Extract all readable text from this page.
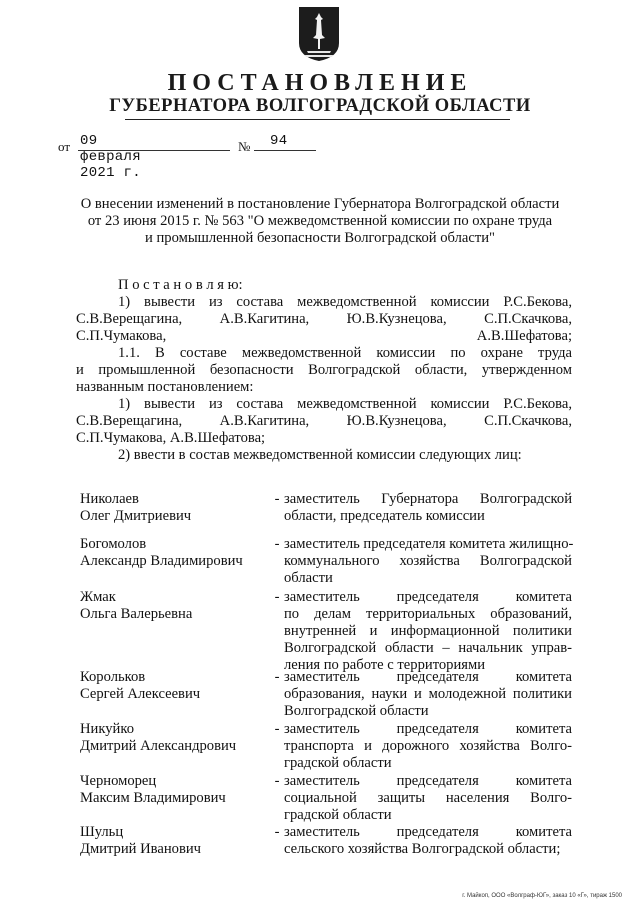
ПОСТАНОВЛЕНИЕ
ГУБЕРНАТОРА ВОЛГОГРАДСКОЙ ОБЛАСТИ
от 09 февраля 2021 г.
№ 94
О внесении изменений в постановление Губернатора Волгоградской области
от 23 июня 2015 г. № 563 "О межведомственной комиссии по охране труда
и промышленной безопасности Волгоградской области"
П о с т а н о в л я ю:
1) вывести из состава межведомственной комиссии Р.С.Бекова,
С.В.Верещагина, А.В.Кагитина, Ю.В.Кузнецова, С.П.Скачкова,
С.П.Чумакова, А.В.Шефатова;
1.1. В составе межведомственной комиссии по охране труда
и промышленной безопасности Волгоградской области, утвержденном
названным постановлением:
1) вывести из состава межведомственной комиссии Р.С.Бекова,
С.В.Верещагина, А.В.Кагитина, Ю.В.Кузнецова, С.П.Скачкова,
С.П.Чумакова, А.В.Шефатова;
2) ввести в состав межведомственной комиссии следующих лиц:
Николаев
Олег Дмитриевич
- заместитель Губернатора Волгоградской
области, председатель комиссии
Богомолов
Александр Владимирович
- заместитель председателя комитета жилищно-
коммунального хозяйства Волгоградской
области
Жмак
Ольга Валерьевна
- заместитель председателя комитета
по делам территориальных образований,
внутренней и информационной политики
Волгоградской области – начальник управ-
ления по работе с территориями
Корольков
Сергей Алексеевич
- заместитель председателя комитета
образования, науки и молодежной политики
Волгоградской области
Никуйко
Дмитрий Александрович
- заместитель председателя комитета
транспорта и дорожного хозяйства Волго-
градской области
Черноморец
Максим Владимирович
- заместитель председателя комитета
социальной защиты населения Волго-
градской области
Шульц
Дмитрий Иванович
- заместитель председателя комитета
сельского хозяйства Волгоградской области;
г. Майкоп, ООО «Волграф-ЮГ», заказ 10 «Г», тираж 1500
